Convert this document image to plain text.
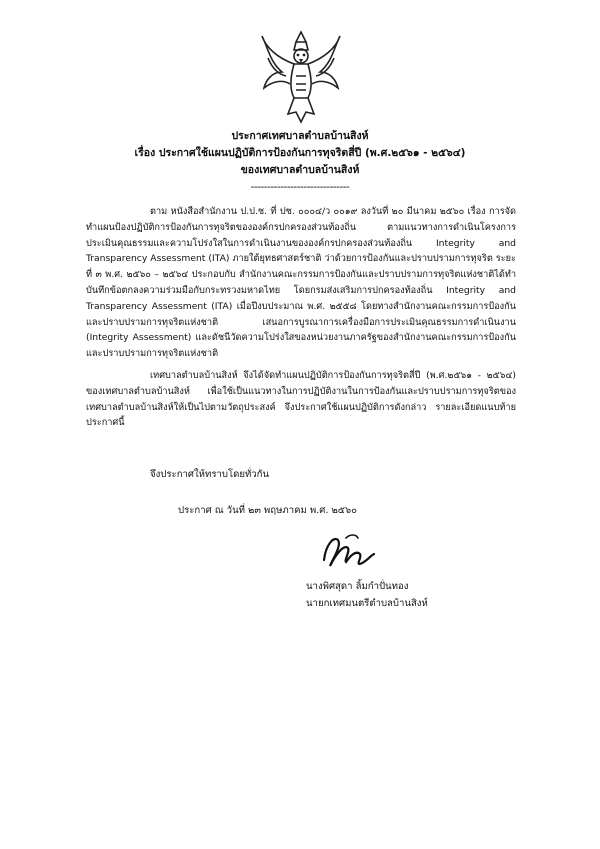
ประกาศเทศบาลตำบลบ้านสิงห์
เรื่อง ประกาศใช้แผนปฏิบัติการป้องกันการทุจริตสี่ปี (พ.ศ.๒๕๖๑ - ๒๕๖๔)
ของเทศบาลตำบลบ้านสิงห์
------------------------------

ตาม หนังสือสำนักงาน ป.ป.ช. ที่ ปช. ๐๐๐๔/ว ๐๐๑๙ ลงวันที่ ๒๐ มีนาคม ๒๕๖๐ เรื่อง การจัดทำแผนป้องปฏิบัติการป้องกันการทุจริตขององค์กรปกครองส่วนท้องถิ่น ตามแนวทางการดำเนินโครงการประเมินคุณธรรมและความโปร่งใสในการดำเนินงานขององค์กรปกครองส่วนท้องถิ่น Integrity and Transparency Assessment (ITA) ภายใต้ยุทธศาสตร์ชาติ ว่าด้วยการป้องกันและปราบปรามการทุจริต ระยะที่ ๓ พ.ศ. ๒๕๖๐ – ๒๕๖๔ ประกอบกับ สำนักงานคณะกรรมการป้องกันและปราบปรามการทุจริตแห่งชาติได้ทำบันทึกข้อตกลงความร่วมมือกับกระทรวงมหาดไทย โดยกรมส่งเสริมการปกครองท้องถิ่น Integrity and Transparency Assessment (ITA) เมื่อปีงบประมาณ พ.ศ. ๒๕๕๘ โดยทางสำนักงานคณะกรรมการป้องกันและปราบปรามการทุจริตแห่งชาติ เสนอการบูรณาการเครื่องมือการประเมินคุณธรรมการดำเนินงาน (Integrity Assessment) และดัชนีวัดความโปร่งใสของหน่วยงานภาครัฐของสำนักงานคณะกรรมการป้องกันและปราบปรามการทุจริตแห่งชาติ

เทศบาลตำบลบ้านสิงห์ จึงได้จัดทำแผนปฏิบัติการป้องกันการทุจริตสี่ปี (พ.ศ.๒๕๖๑ - ๒๕๖๔) ของเทศบาลตำบลบ้านสิงห์ เพื่อใช้เป็นแนวทางในการปฏิบัติงานในการป้องกันและปราบปรามการทุจริตของเทศบาลตำบลบ้านสิงห์ให้เป็นไปตามวัตถุประสงค์ จึงประกาศใช้แผนปฏิบัติการดังกล่าว รายละเอียดแนบท้ายประกาศนี้

จึงประกาศให้ทราบโดยทั่วกัน
ประกาศ ณ วันที่ ๒๓ พฤษภาคม พ.ศ. ๒๕๖๐
นางพิศสุดา ลิ้มกำปั่นทอง
นายกเทศมนตรีตำบลบ้านสิงห์
